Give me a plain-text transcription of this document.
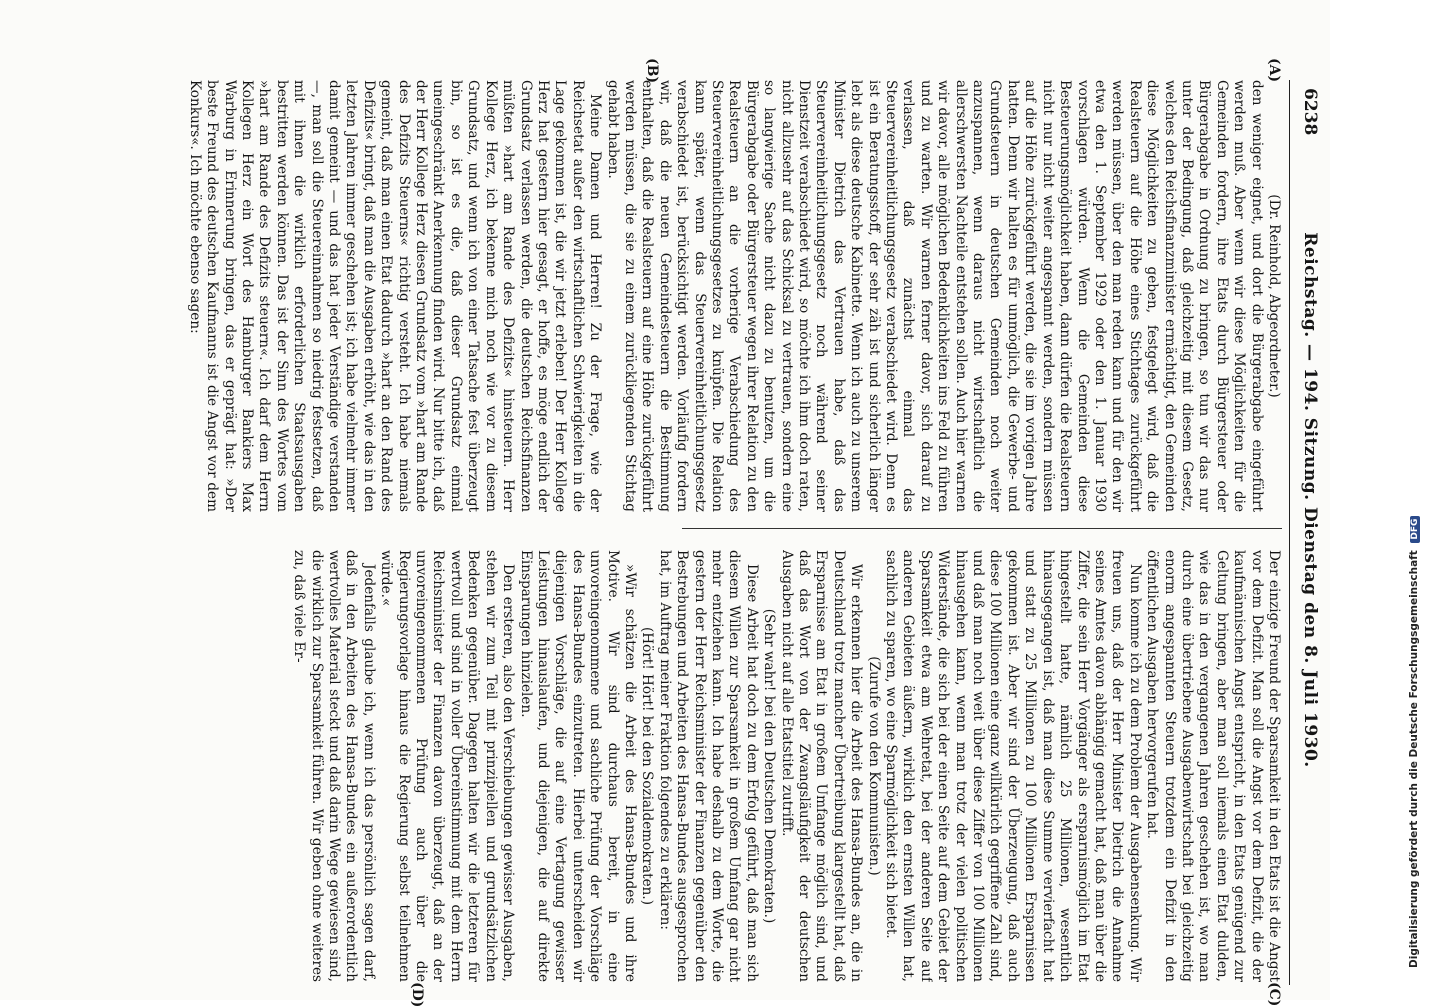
6238
Reichstag. — 194. Sitzung. Dienstag den 8. Juli 1930.
(A)
(B)
(C)
(D)

(Dr. Reinhold, Abgeordneter.)

den weniger eignet, und dort die Bürgerabgabe eingeführt werden muß. Aber wenn wir diese Möglichkeiten für die Gemeinden fordern, ihre Etats durch Bürgersteuer oder Bürgerabgabe in Ordnung zu bringen, so tun wir das nur unter der Bedingung, daß gleichzeitig mit diesem Gesetz, welches den Reichsfinanzminister ermächtigt, den Gemeinden diese Möglichkeiten zu geben, festgelegt wird, daß die Realsteuern auf die Höhe eines Stichtages zurückgeführt werden müssen, über den man reden kann und für den wir etwa den 1. September 1929 oder den 1. Januar 1930 vorschlagen würden. Wenn die Gemeinden diese Besteuerungsmöglichkeit haben, dann dürfen die Realsteuern nicht nur nicht weiter angespannt werden, sondern müssen auf die Höhe zurückgeführt werden, die sie im vorigen Jahre hatten. Denn wir halten es für unmöglich, die Gewerbe- und Grundsteuern in deutschen Gemeinden noch weiter anzuspannen, wenn daraus nicht wirtschaftlich die allerschwersten Nachteile entstehen sollen. Auch hier warnen wir davor, alle möglichen Bedenklichkeiten ins Feld zu führen und zu warten. Wir warnen ferner davor, sich darauf zu verlassen, daß zunächst einmal das Steuervereinheitlichungsgesetz verabschiedet wird. Denn es ist ein Beratungsstoff, der sehr zäh ist und sicherlich länger lebt als diese deutsche Kabinette. Wenn ich auch zu unserem Minister Dietrich das Vertrauen habe, daß das Steuervereinheitlichungsgesetz noch während seiner Dienstzeit verabschiedet wird, so möchte ich ihm doch raten, nicht allzusehr auf das Schicksal zu vertrauen, sondern eine so langwierige Sache nicht dazu zu benutzen, um die Bürgerabgabe oder Bürgersteuer wegen ihrer Relation zu den Realsteuern an die vorherige Verabschiedung des Steuervereinheitlichungsgesetzes zu knüpfen. Die Relation kann später, wenn das Steuervereinheitlichungsgesetz verabschiedet ist, berücksichtigt werden. Vorläufig fordern wir, daß die neuen Gemeindesteuern die Bestimmung enthalten, daß die Realsteuern auf eine Höhe zurückgeführt werden müssen, die sie zu einem zurückliegenden Stichtag gehabt haben.

Meine Damen und Herren! Zu der Frage, wie der Reichsetat außer den wirtschaftlichen Schwierigkeiten in die Lage gekommen ist, die wir jetzt erleben! Der Herr Kollege Herz hat gestern hier gesagt, er hoffe, es möge endlich der Grundsatz verlassen werden, die deutschen Reichsfinanzen müßten »hart am Rande des Defizits« hinsteuern. Herr Kollege Herz, ich bekenne mich noch wie vor zu diesem Grundsatz, und wenn ich von einer Tatsache fest überzeugt bin, so ist es die, daß dieser Grundsatz einmal uneingeschränkt Anerkennung finden wird. Nur bitte ich, daß der Herr Kollege Herz diesen Grundsatz vom »hart am Rande des Defizits Steuerns« richtig versteht. Ich habe niemals gemeint, daß man einen Etat dadurch »hart an den Rand des Defizits« bringt, daß man die Ausgaben erhöht, wie das in den letzten Jahren immer geschehen ist; ich habe vielmehr immer damit gemeint — und das hat jeder Verständige verstanden —, man soll die Steuereinnahmen so niedrig festsetzen, daß mit ihnen die wirklich erforderlichen Staatsausgaben bestritten werden können. Das ist der Sinn des Wortes vom »hart am Rande des Defizits steuern«. Ich darf dem Herrn Kollegen Herz ein Wort des Hamburger Bankiers Max Warburg in Erinnerung bringen, das er geprägt hat: »Der beste Freund des deutschen Kaufmanns ist die Angst vor dem Konkurs«. Ich möchte ebenso sagen:

Der einzige Freund der Sparsamkeit in den Etats ist die Angst vor dem Defizit. Man soll die Angst vor dem Defizit, die der kaufmännischen Angst entspricht, in den Etats genügend zur Geltung bringen, aber man soll niemals einen Etat dulden, wie das in den vergangenen Jahren geschehen ist, wo man durch eine übertriebene Ausgabenwirtschaft bei gleichzeitig enorm angespannten Steuern trotzdem ein Defizit in den öffentlichen Ausgaben hervorgerufen hat.

Nun komme ich zu dem Problem der Ausgabensenkung. Wir freuen uns, daß der Herr Minister Dietrich die Annahme seines Amtes davon abhängig gemacht hat, daß man über die Ziffer, die sein Herr Vorgänger als ersparnismöglich im Etat hingestellt hatte, nämlich 25 Millionen, wesentlich hinausgegangen ist, daß man diese Summe vervierfacht hat und statt zu 25 Millionen zu 100 Millionen Ersparnissen gekommen ist. Aber wir sind der Überzeugung, daß auch diese 100 Millionen eine ganz willkürlich gegriffene Zahl sind, und daß man noch weit über diese Ziffer von 100 Millionen hinausgehen kann, wenn man trotz der vielen politischen Widerstände, die sich bei der einen Seite auf dem Gebiet der Sparsamkeit etwa am Wehretat, bei der anderen Seite auf anderen Gebieten äußern, wirklich den ernsten Willen hat, sachlich zu sparen, wo eine Sparmöglichkeit sich bietet.

(Zurufe von den Kommunisten.)

Wir erkennen hier die Arbeit des Hansa-Bundes an, die in Deutschland trotz mancher Übertreibung klargestellt hat, daß Ersparnisse am Etat in großem Umfange möglich sind, und daß das Wort von der Zwangsläufigkeit der deutschen Ausgaben nicht auf alle Etatstitel zutrifft.

(Sehr wahr! bei den Deutschen Demokraten.)

Diese Arbeit hat doch zu dem Erfolg geführt, daß man sich diesem Willen zur Sparsamkeit in großem Umfang gar nicht mehr entziehen kann. Ich habe deshalb zu dem Worte, die gestern der Herr Reichsminister der Finanzen gegenüber den Bestrebungen und Arbeiten des Hansa-Bundes ausgesprochen hat, im Auftrag meiner Fraktion folgendes zu erklären:

(Hört! Hört! bei den Sozialdemokraten.)

»Wir schätzen die Arbeit des Hansa-Bundes und ihre Motive. Wir sind durchaus bereit, in eine unvoreingenommene und sachliche Prüfung der Vorschläge des Hansa-Bundes einzutreten. Hierbei unterscheiden wir diejenigen Vorschläge, die auf eine Vertagung gewisser Leistungen hinauslaufen, und diejenigen, die auf direkte Einsparungen hinzielen.

Den ersteren, also den Verschiebungen gewisser Ausgaben, stehen wir zum Teil mit prinzipiellen und grundsätzlichen Bedenken gegenüber. Dagegen halten wir die letzteren für wertvoll und sind in voller Übereinstimmung mit dem Herrn Reichsminister der Finanzen davon überzeugt, daß an der unvoreingenommenen Prüfung auch über die Regierungsvorlage hinaus die Regierung selbst teilnehmen würde.«

Jedenfalls glaube ich, wenn ich das persönlich sagen darf, daß in den Arbeiten des Hansa-Bundes ein außerordentlich wertvolles Material steckt und daß darin Wege gewiesen sind, die wirklich zur Sparsamkeit führen. Wir geben ohne weiteres zu, daß viele Er-	Digitalisierung gefördert durch die Deutsche Forschungsgemeinschaft DFG
